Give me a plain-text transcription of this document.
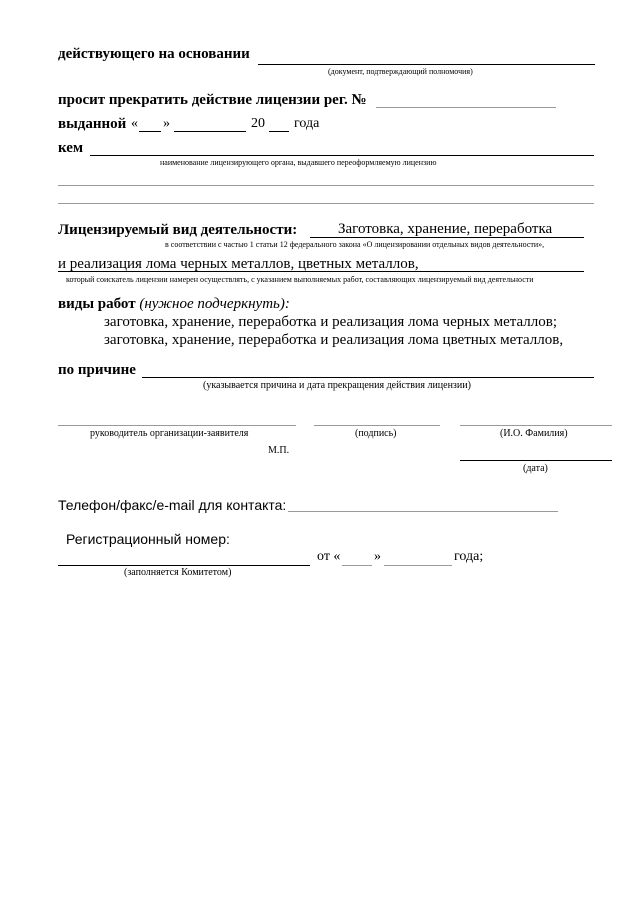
действующего на основании
(документ, подтверждающий полномочия)
просит прекратить действие лицензии рег. №
выданной « »	20 года
кем
наименование лицензирующего органа, выдавшего переоформляемую лицензию
Лицензируемый вид деятельности:	Заготовка, хранение, переработка
в соответствии с частью 1 статьи 12 федерального закона «О лицензировании отдельных видов деятельности»,
и реализация лома черных металлов, цветных металлов,
который соискатель лицензии намерен осуществлять, с указанием выполняемых работ, составляющих лицензируемый вид деятельности
виды работ (нужное подчеркнуть):
заготовка, хранение, переработка и реализация лома черных металлов;
заготовка, хранение, переработка и реализация лома цветных металлов,
по причине
(указывается причина и дата прекращения действия лицензии)
руководитель организации-заявителя	(подпись)	(И.О. Фамилия)
М.П.
(дата)
Телефон/факс/e-mail для контакта:
Регистрационный номер:
от « »	года;
(заполняется Комитетом)
